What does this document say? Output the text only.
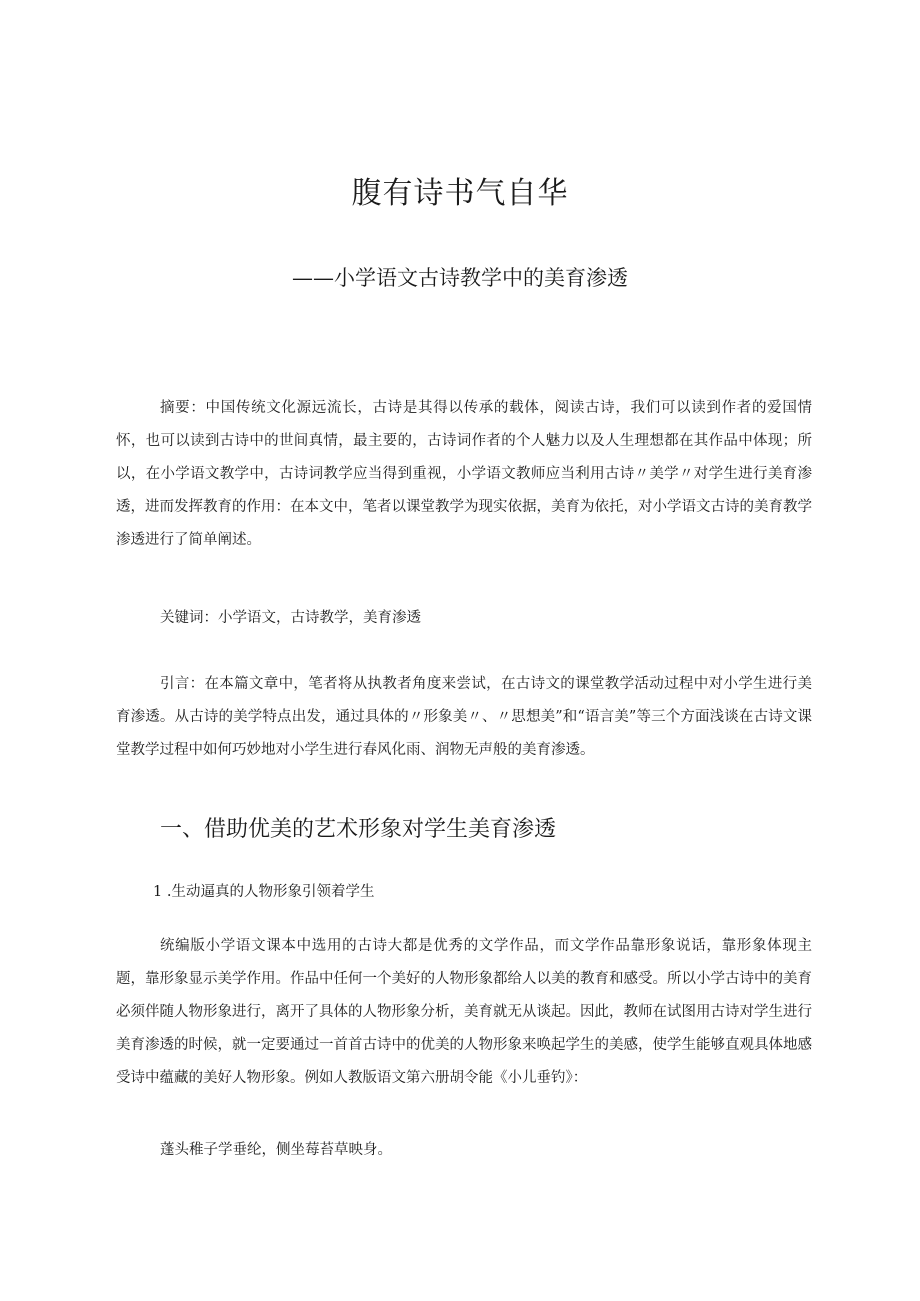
腹有诗书气自华
——小学语文古诗教学中的美育渗透

摘要：中国传统文化源远流长，古诗是其得以传承的载体，阅读古诗，我们可以读到作者的爱国情怀，也可以读到古诗中的世间真情，最主要的，古诗词作者的个人魅力以及人生理想都在其作品中体现；所以，在小学语文教学中，古诗词教学应当得到重视，小学语文教师应当利用古诗〃美学〃对学生进行美育渗透，进而发挥教育的作用：在本文中，笔者以课堂教学为现实依据，美育为依托，对小学语文古诗的美育教学渗透进行了简单阐述。

关键词：小学语文，古诗教学，美育渗透

引言：在本篇文章中，笔者将从执教者角度来尝试，在古诗文的课堂教学活动过程中对小学生进行美育渗透。从古诗的美学特点出发，通过具体的〃形象美〃、〃思想美”和“语言美”等三个方面浅谈在古诗文课堂教学过程中如何巧妙地对小学生进行春风化雨、润物无声般的美育渗透。

一、借助优美的艺术形象对学生美育渗透
1 .生动逼真的人物形象引领着学生

统编版小学语文课本中选用的古诗大都是优秀的文学作品，而文学作品靠形象说话，靠形象体现主题，靠形象显示美学作用。作品中任何一个美好的人物形象都给人以美的教育和感受。所以小学古诗中的美育必须伴随人物形象进行，离开了具体的人物形象分析，美育就无从谈起。因此，教师在试图用古诗对学生进行美育渗透的时候，就一定要通过一首首古诗中的优美的人物形象来唤起学生的美感，使学生能够直观具体地感受诗中蕴藏的美好人物形象。例如人教版语文第六册胡令能《小儿垂钓》：

蓬头稚子学垂纶，侧坐莓苔草映身。
